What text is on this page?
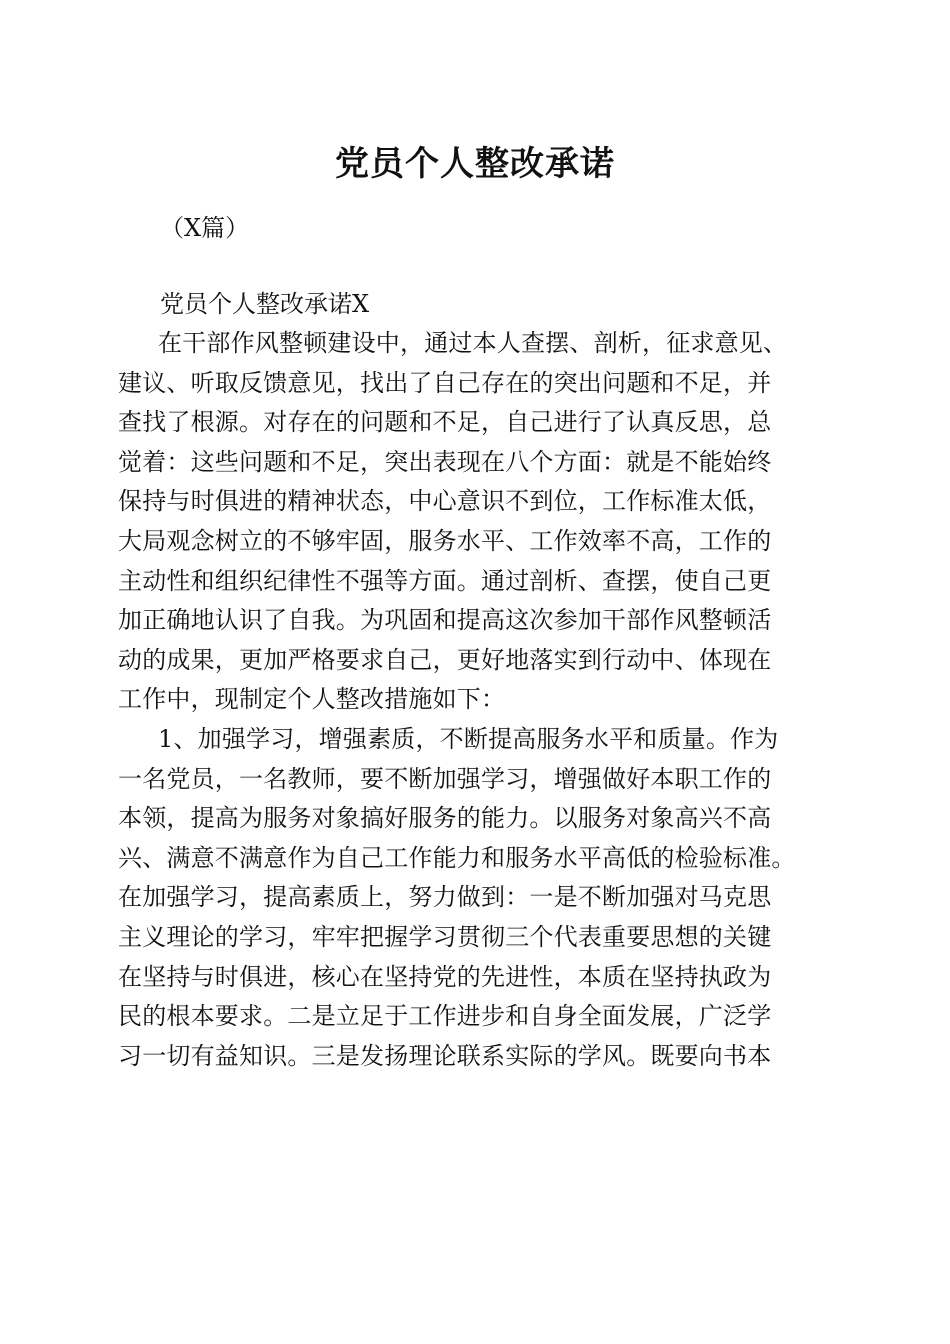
党员个人整改承诺
（X篇）
党员个人整改承诺X
在干部作风整顿建设中，通过本人查摆、剖析，征求意见、
建议、听取反馈意见，找出了自己存在的突出问题和不足，并
查找了根源。对存在的问题和不足，自己进行了认真反思，总
觉着：这些问题和不足，突出表现在八个方面：就是不能始终
保持与时俱进的精神状态，中心意识不到位，工作标准太低，
大局观念树立的不够牢固，服务水平、工作效率不高，工作的
主动性和组织纪律性不强等方面。通过剖析、查摆，使自己更
加正确地认识了自我。为巩固和提高这次参加干部作风整顿活
动的成果，更加严格要求自己，更好地落实到行动中、体现在
工作中，现制定个人整改措施如下：
1、加强学习，增强素质，不断提高服务水平和质量。作为
一名党员，一名教师，要不断加强学习，增强做好本职工作的
本领，提高为服务对象搞好服务的能力。以服务对象高兴不高
兴、满意不满意作为自己工作能力和服务水平高低的检验标准。
在加强学习，提高素质上，努力做到：一是不断加强对马克思
主义理论的学习，牢牢把握学习贯彻三个代表重要思想的关键
在坚持与时俱进，核心在坚持党的先进性，本质在坚持执政为
民的根本要求。二是立足于工作进步和自身全面发展，广泛学
习一切有益知识。三是发扬理论联系实际的学风。既要向书本
